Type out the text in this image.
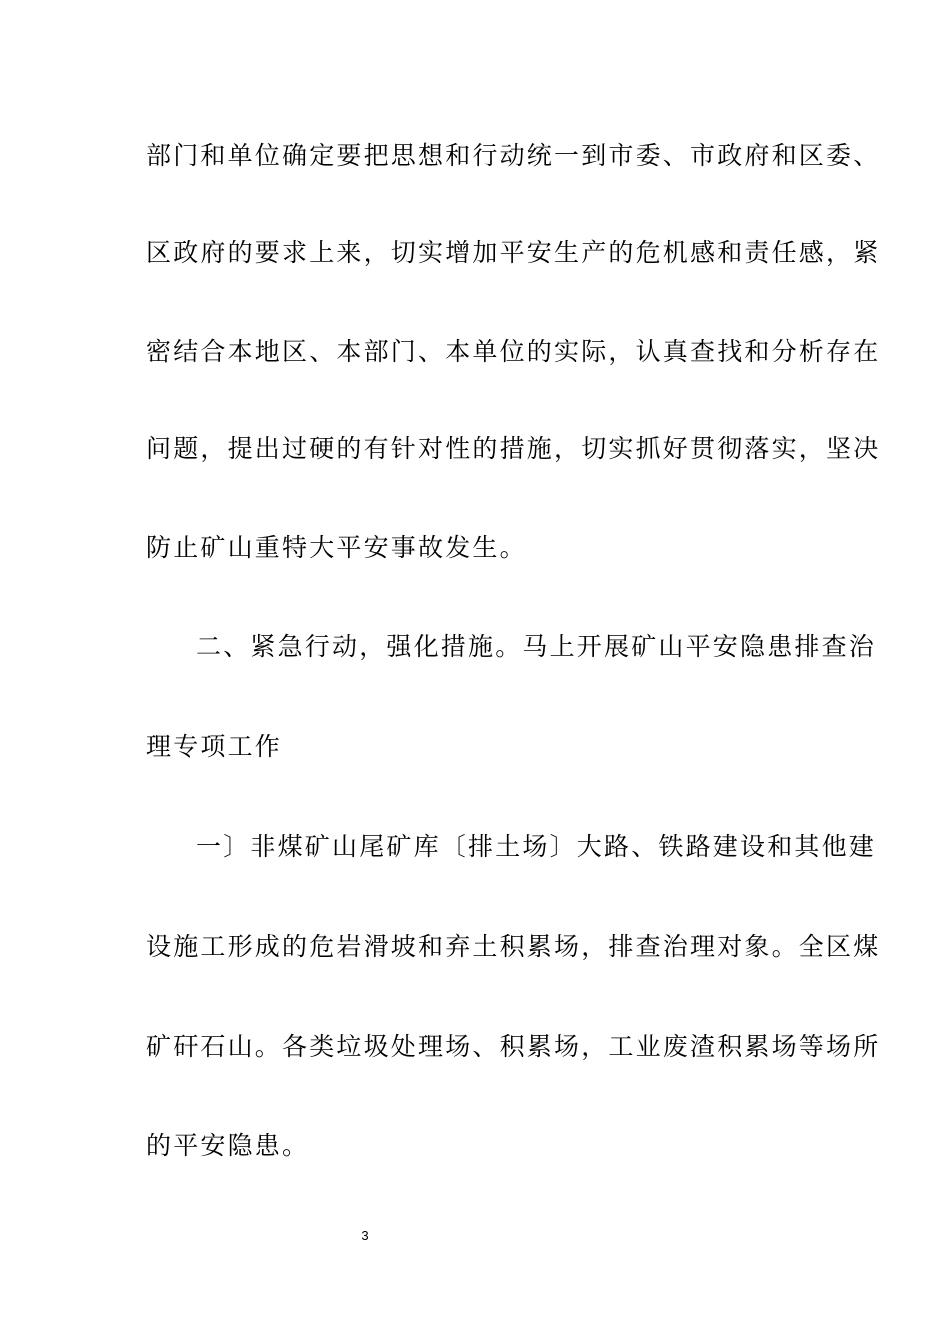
部门和单位确定要把思想和行动统一到市委、市政府和区委、
区政府的要求上来，切实增加平安生产的危机感和责任感，紧
密结合本地区、本部门、本单位的实际，认真查找和分析存在
问题，提出过硬的有针对性的措施，切实抓好贯彻落实，坚决
防止矿山重特大平安事故发生。
二、紧急行动，强化措施。马上开展矿山平安隐患排查治
理专项工作
一〕非煤矿山尾矿库〔排土场〕大路、铁路建设和其他建
设施工形成的危岩滑坡和弃土积累场，排查治理对象。全区煤
矿矸石山。各类垃圾处理场、积累场，工业废渣积累场等场所
的平安隐患。
3
